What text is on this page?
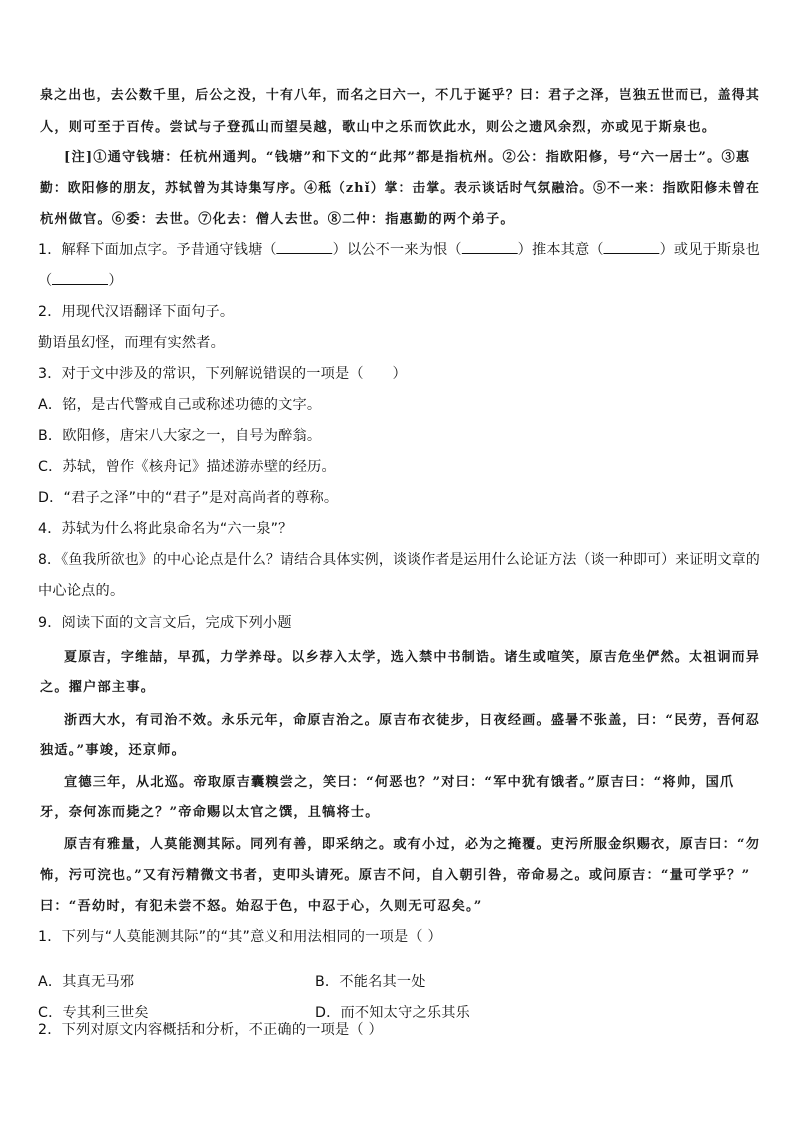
泉之出也，去公数千里，后公之没，十有八年，而名之曰六一，不几于诞乎？曰：君子之泽，岂独五世而已，盖得其

人，则可至于百传。尝试与子登孤山而望吴越，歌山中之乐而饮此水，则公之遗风余烈，亦或见于斯泉也。

[注]①通守钱塘：任杭州通判。“钱塘”和下文的“此邦”都是指杭州。②公：指欧阳修，号“六一居士”。③惠

勤：欧阳修的朋友，苏轼曾为其诗集写序。④秪（zhǐ）掌：击掌。表示谈话时气氛融洽。⑤不一来：指欧阳修未曾在

杭州做官。⑥委：去世。⑦化去：僧人去世。⑧二仲：指惠勤的两个弟子。

1．解释下面加点字。予昔通守钱塘（	）以公不一来为恨（	）推本其意（	）或见于斯泉也

（	）

2．用现代汉语翻译下面句子。

勤语虽幻怪，而理有实然者。

3．对于文中涉及的常识，下列解说错误的一项是（　　）

A．铭，是古代警戒自己或称述功德的文字。

B．欧阳修，唐宋八大家之一，自号为醉翁。

C．苏轼，曾作《核舟记》描述游赤壁的经历。

D．“君子之泽”中的“君子”是对高尚者的尊称。

4．苏轼为什么将此泉命名为“六一泉”？

8．《鱼我所欲也》的中心论点是什么？请结合具体实例，谈谈作者是运用什么论证方法（谈一种即可）来证明文章的

中心论点的。

9．阅读下面的文言文后，完成下列小题

夏原吉，字维喆，早孤，力学养母。以乡荐入太学，选入禁中书制诰。诸生或喧笑，原吉危坐俨然。太祖诇而异

之。擢户部主事。

浙西大水，有司治不效。永乐元年，命原吉治之。原吉布衣徒步，日夜经画。盛暑不张盖，曰：“民劳，吾何忍

独适。”事竣，还京师。

宣德三年，从北巡。帝取原吉囊糗尝之，笑曰：“何恶也？”对曰：“军中犹有饿者。”原吉曰：“将帅，国爪

牙，奈何冻而毙之？”帝命赐以太官之馔，且犒将士。

原吉有雅量，人莫能测其际。同列有善，即采纳之。或有小过，必为之掩覆。吏污所服金织赐衣，原吉曰：“勿

怖，污可浣也。”又有污精微文书者，吏叩头请死。原吉不问，自入朝引咎，帝命易之。或问原吉：“量可学乎？”

曰：“吾幼时，有犯未尝不怒。始忍于色，中忍于心，久则无可忍矣。”

1．下列与“人莫能测其际”的“其”意义和用法相同的一项是（ ）

A．其真无马邪	B．不能名其一处

C．专其利三世矣	D．而不知太守之乐其乐

2．下列对原文内容概括和分析，不正确的一项是（ ）
